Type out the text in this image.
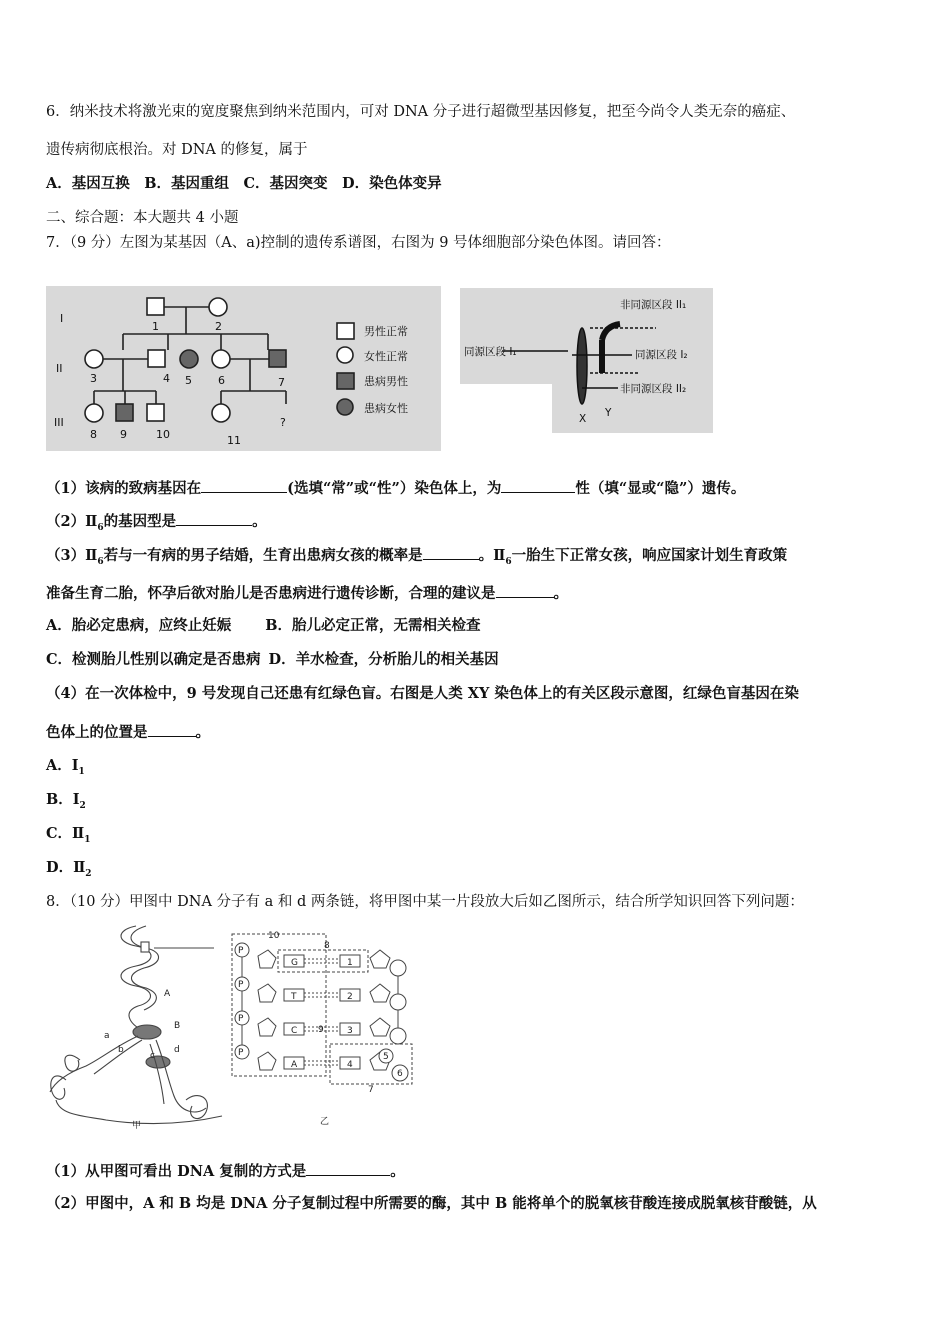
6．纳米技术将激光束的宽度聚焦到纳米范围内，可对 DNA 分子进行超微型基因修复，把至今尚令人类无奈的癌症、
遗传病彻底根治。对 DNA 的修复，属于
A．基因互换　B．基因重组　C．基因突变　D．染色体变异
二、综合题：本大题共 4 小题
7．（9 分）左图为某基因（A、a)控制的遗传系谱图，右图为 9 号体细胞部分染色体图。请回答：
I
II
III
1	2
3	4 5 6	7
8 9	10	11
?
男性正常
女性正常
患病男性
患病女性
非同源区段 II₁
同源区段 I₁	同源区段 I₂
非同源区段 II₂
X Y
（1）该病的致病基因在	(选填“常”或“性”）染色体上，为	性（填“显或“隐”）遗传。
$(2)Ⅱ_6$的基因型是	。
$(3)Ⅱ_6$若与一有病的男子结婚，生育出患病女孩的概率是	。$Ⅱ_6$一胎生下正常女孩，响应国家计划生育政策
准备生育二胎，怀孕后欲对胎儿是否患病进行遗传诊断，合理的建议是	。
A．胎必定患病，应终止妊娠 B．胎儿必定正常，无需相关检查
C．检测胎儿性别以确定是否患病 D．羊水检查，分析胎儿的相关基因
（4）在一次体检中，9 号发现自己还患有红绿色盲。右图是人类 XY 染色体上的有关区段示意图，红绿色盲基因在染
色体上的位置是	。
A．$I_1$
B．$I_2$
C．$Ⅱ_1$
D．$Ⅱ_2$
8．（10 分）甲图中 DNA 分子有 a 和 d 两条链，将甲图中某一片段放大后如乙图所示，结合所学知识回答下列问题：
A
B
a
b
c
d
甲
P
P
P
P
G
T
C
A
1
2
3
4
5
6
7
8
9
10
乙
（1）从甲图可看出 DNA 复制的方式是	。
（2）甲图中，A 和 B 均是 DNA 分子复制过程中所需要的酶，其中 B 能将单个的脱氧核苷酸连接成脱氧核苷酸链，从
